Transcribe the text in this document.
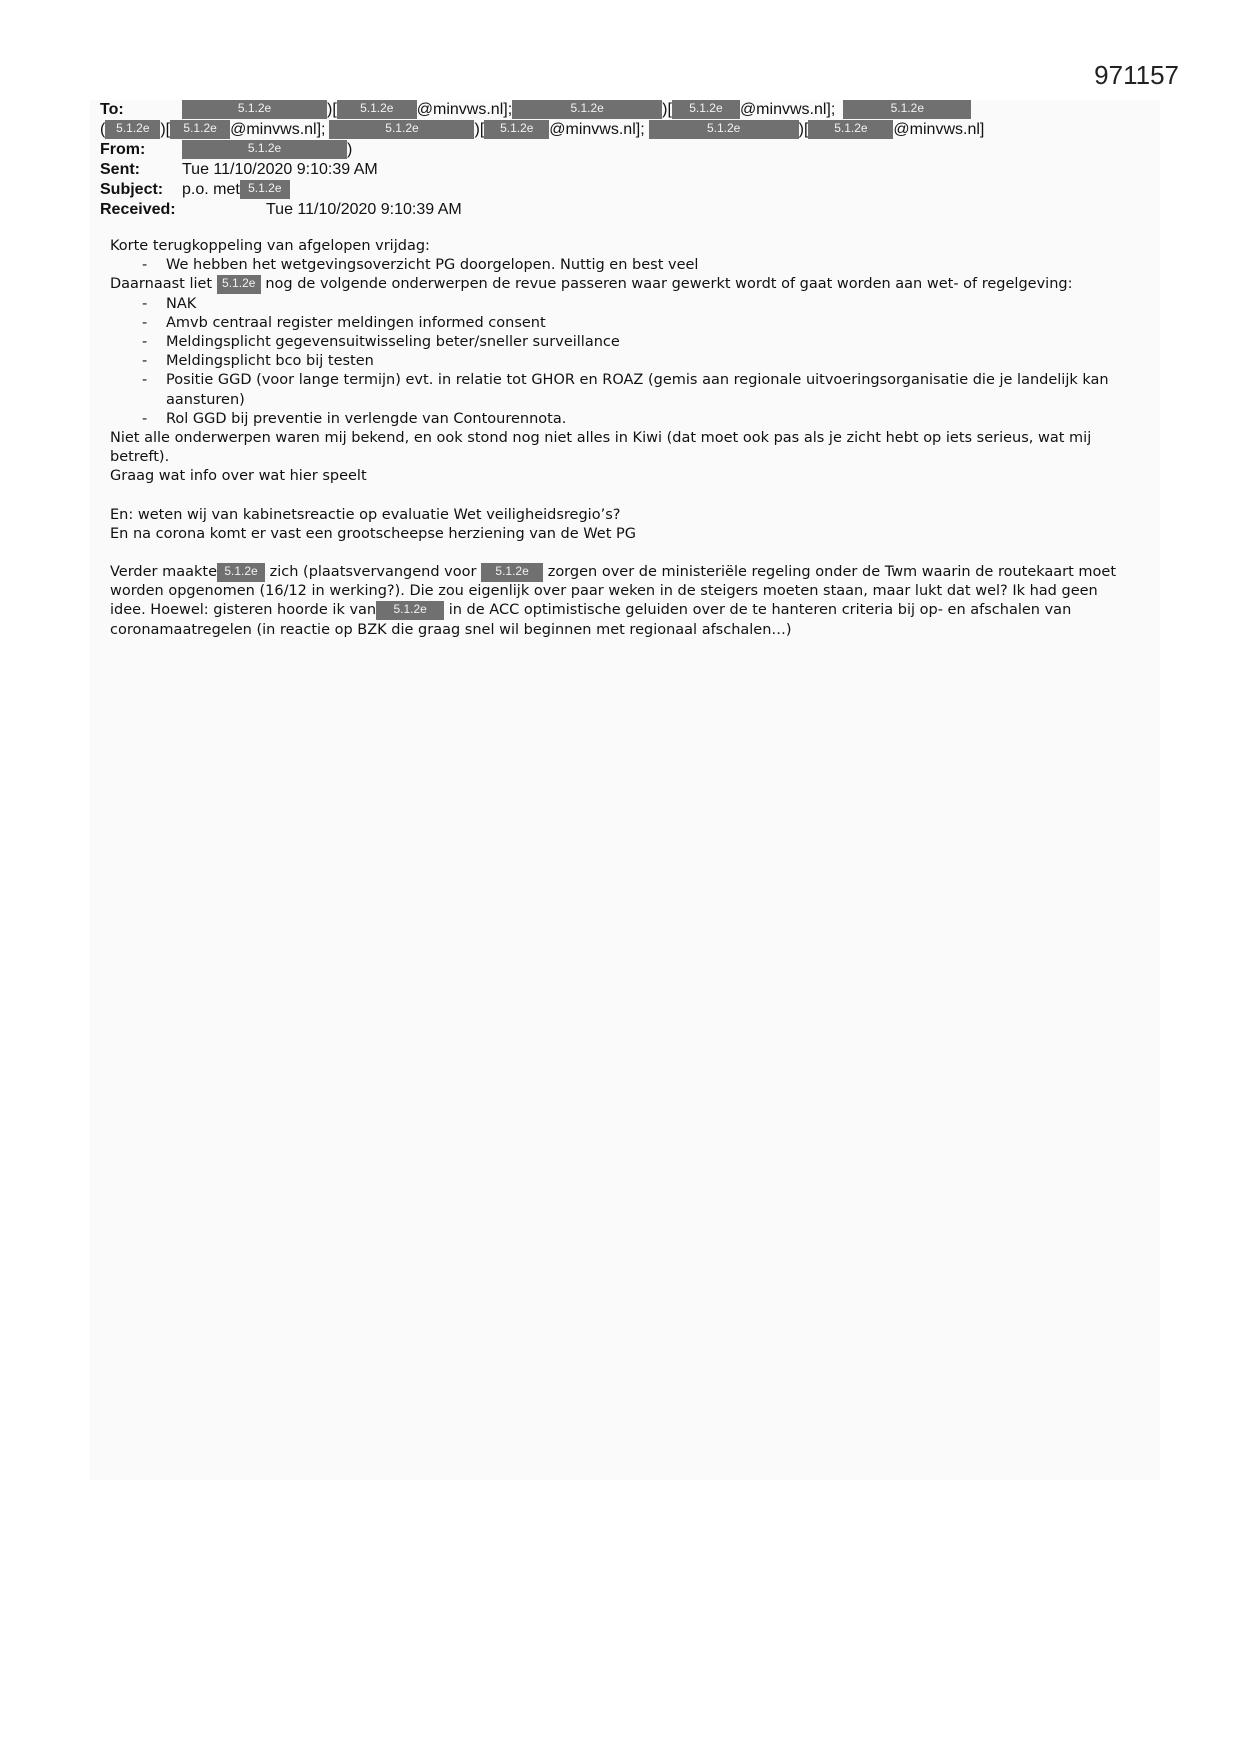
971157
To:	5.1.2e	)[ 5.1.2e @minvws.nl];	5.1.2e	)[ 5.1.2e @minvws.nl];	5.1.2e
( 5.1.2e )[ 5.1.2e @minvws.nl];	5.1.2e	)[ 5.1.2e @minvws.nl];	5.1.2e	)[ 5.1.2e @minvws.nl]
From:	5.1.2e	)
Sent:	Tue 11/10/2020 9:10:39 AM
Subject: p.o. met 5.1.2e
Received:	Tue 11/10/2020 9:10:39 AM

Korte terugkoppeling van afgelopen vrijdag:

- We hebben het wetgevingsoverzicht PG doorgelopen. Nuttig en best veel

Daarnaast liet 5.1.2e nog de volgende onderwerpen de revue passeren waar gewerkt wordt of gaat worden aan wet- of regelgeving:

- NAK
- Amvb centraal register meldingen informed consent
- Meldingsplicht gegevensuitwisseling beter/sneller surveillance
- Meldingsplicht bco bij testen
- Positie GGD (voor lange termijn) evt. in relatie tot GHOR en ROAZ (gemis aan regionale uitvoeringsorganisatie die je landelijk kan aansturen)
- Rol GGD bij preventie in verlengde van Contourennota.

Niet alle onderwerpen waren mij bekend, en ook stond nog niet alles in Kiwi (dat moet ook pas als je zicht hebt op iets serieus, wat mij betreft).

Graag wat info over wat hier speelt

En: weten wij van kabinetsreactie op evaluatie Wet veiligheidsregio’s?

En na corona komt er vast een grootscheepse herziening van de Wet PG

Verder maakte 5.1.2e zich (plaatsvervangend voor 5.1.2e zorgen over de ministeriële regeling onder de Twm waarin de routekaart moet worden opgenomen (16/12 in werking?). Die zou eigenlijk over paar weken in de steigers moeten staan, maar lukt dat wel? Ik had geen idee. Hoewel: gisteren hoorde ik van 5.1.2e in de ACC optimistische geluiden over de te hanteren criteria bij op- en afschalen van coronamaatregelen (in reactie op BZK die graag snel wil beginnen met regionaal afschalen…)
